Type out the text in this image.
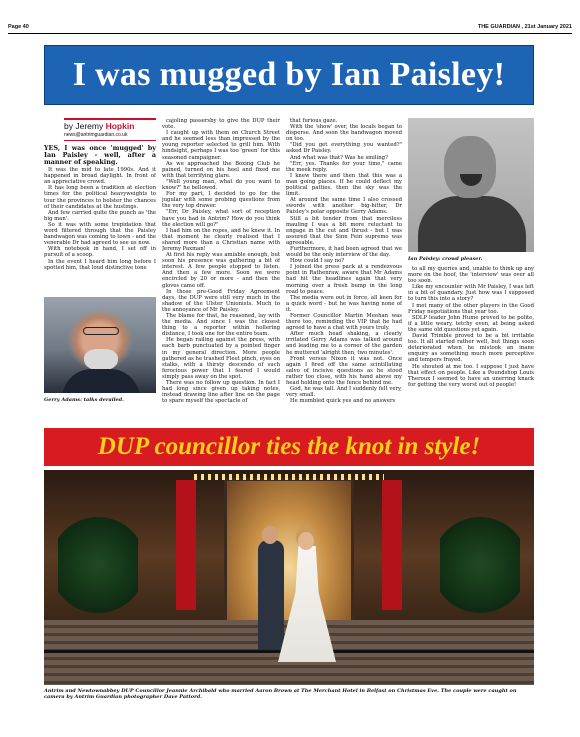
Page 40	THE GUARDIAN , 21st January 2021
I was mugged by Ian Paisley!
by Jeremy Hopkin
news@antrimguardian.co.uk

YES, I was once 'mugged' by Ian Paisley - well, after a manner of speaking.

It was the mid to late 1990s. And it happened in broad daylight. In front of an appreciative crowd.

It has long been a tradition at election times for the political heavyweights to tour the provinces to bolster the chances of their candidates at the hustings.

And few carried quite the punch as 'the big man'.

So it was with some trepidation that word filtered through that the Paisley bandwagon was coming to town - and the venerable Dr had agreed to see us now.

With notebook in hand, I set off in pursuit of a scoop.

In the event I heard him long before I spotted him, that loud distinctive tone

Gerry Adams: talks derailed.

cajoling passersby to give the DUP their vote.

I caught up with them on Church Street and he seemed less than impressed by the young reporter selected to grill him. With hindsight, perhaps I was too 'green' for this seasoned campaigner.

As we approached the Boxing Club he pained, turned on his heel and fixed me with that terrifying glare.

"Well young man, what do you want to know?" he bellowed.

For my part, I decided to go for the jugular with some probing questions from the very top drawer.

"Err, Dr Paisley, what sort of reception have you had in Antrim? How do you think the election will go?"

I had him on the ropes, and he knew it. In that moment he clearly realised that I shared more than a Christian name with Jeremy Paxman!

At first his reply was amiable enough, but soon his presence was gathering a bit of interest. A few people stopped to listen. And then a few more. Soon we were encircled by 20 or more - and then the gloves came off.

In those pre-Good Friday Agreement days, the DUP were still very much in the shadow of the Ulster Unionists. Much to the annoyance of Mr Paisley.

The blame for that, he reasoned, lay with the media. And since I was the closest thing to a reporter within hollering distance, I took one for the entire team.

He began railing against the press, with each barb punctuated by a pointed finger in my general direction. More people gathered as he trashed Fleet pinch, eyes on stalks, with a thirsty descendo of such ferocious power that I feared I would simply pass away on the spot.

There was no follow up question. In fact I had long since given up taking notes, instead drawing line after line on the page to spare myself the spectacle of

that furious gaze.

With the 'show' over, the locals began to disperse. And soon the bandwagon moved on too.

"Did you get everything you wanted?" asked Dr Paisley.

And what was that? Was he smiling?

"Err, yes. Thanks for your time," came the meek reply.

I knew there and then that this was a man going places. If he could deflect my political patties, then the sky was the limit.

At around the same time I also crossed swords with another big-hitter, Dr Paisley's polar opposite Gerry Adams.

Still a bit tender from that merciless mauling I was a bit more reluctant to engage in the cut and thrust - but I was assured that the Sinn Fein supremo was agreeable.

Furthermore, it had been agreed that we would be the only interview of the day.

How could I say no?

I joined the press pack at a rendezvous point in Rathenraw, aware that Mr Adams had hit the headlines again that very morning over a fresh bump in the long road to peace.

The media were out in force, all keen for a quick word - but he was having none of it.

Former Councillor Martin Meehan was there too, reminding the VIP that he had agreed to have a chat with yours truly.

After much head shaking, a clearly irritated Gerry Adams was talked around and leading me to a corner of the garden he muttered 'alright then, two minutes'.

Front versus Nixon it was not. Once again I fired off the same scintillating salvo of incisive questions as he stood rather too close, with his hand above my head holding onto the fence behind me.

God, he was tall. And I suddenly felt very, very small.

He mumbled quick yes and no answers

Ian Paisley: crowd pleaser.

to all my queries and, unable to think up any more on the hoof, the 'interview' was over all too soon.

Like my encounter with Mr Paisley, I was left in a bit of quandary. Just how was I supposed to turn this into a story?

I met many of the other players in the Good Friday negotiations that year too.

SDLP leader John Hume proved to be polite, if a little weary, tetchy even, at being asked the same old questions yet again.

David Trimble proved to be a bit irritable too. It all started rather well, but things soon deteriorated when he mistook an inane enquiry as something much more perceptive and tempers frayed.

He shouted at me too. I suppose I just have that effect on people. Like a Poundshop Louis Theroux I seemed to have an unerring knack for getting the very worst out of people!

DUP councillor ties the knot in style!
Antrim and Newtownabbey DUP Councillor Jeannie Archibald who married Aaron Brown at The Merchant Hotel in Belfast on Christmas Eve. The couple were caught on camera by Antrim Guardian photographer Dave Pattord.
